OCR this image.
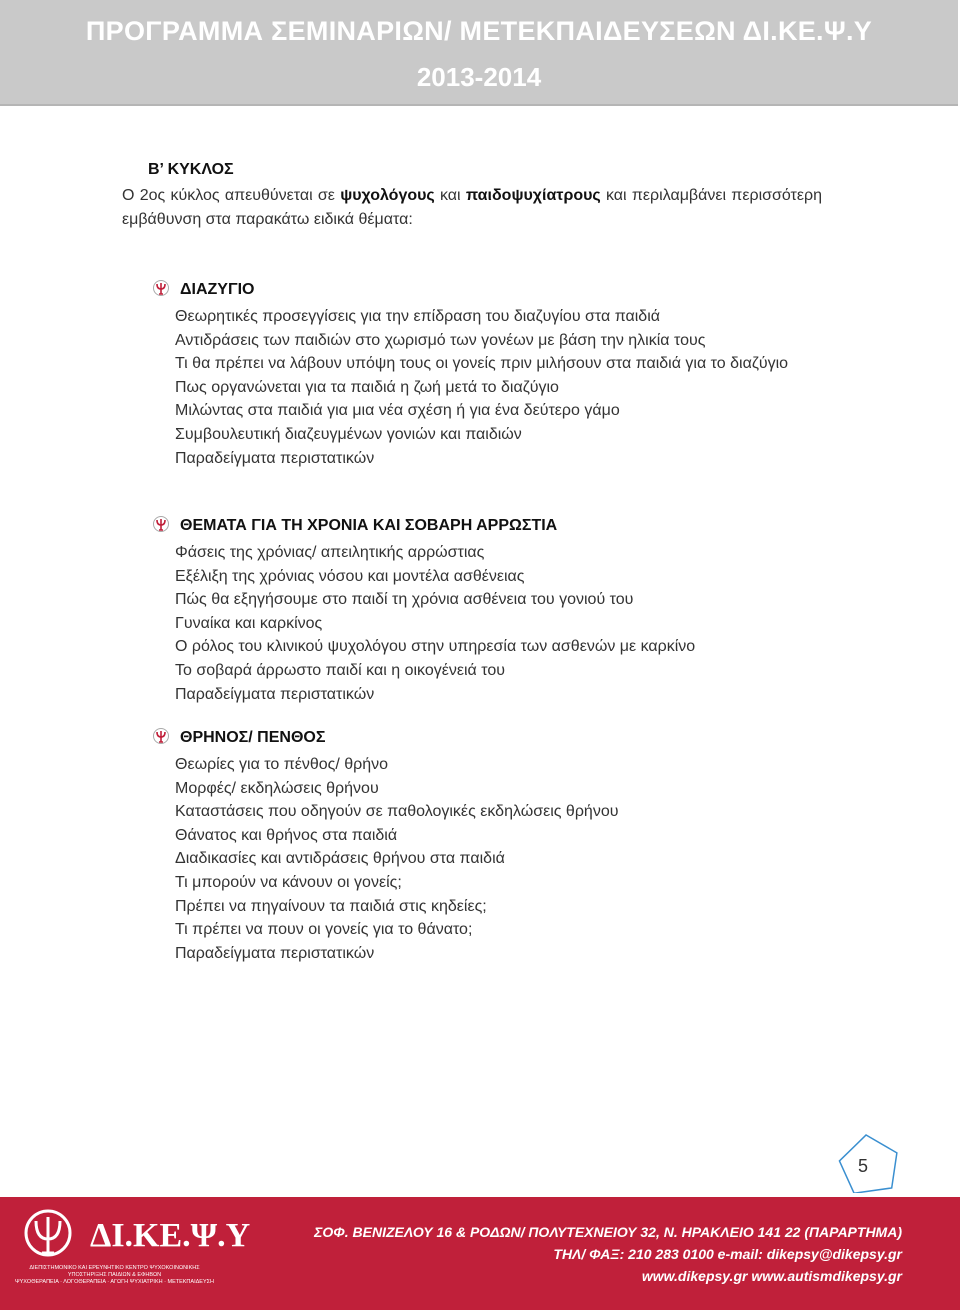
ΠΡΟΓΡΑΜΜΑ ΣΕΜΙΝΑΡΙΩΝ/ ΜΕΤΕΚΠΑΙΔΕΥΣΕΩΝ ΔΙ.ΚΕ.Ψ.Υ
2013-2014
Β’ ΚΥΚΛΟΣ
Ο 2ος κύκλος απευθύνεται σε ψυχολόγους και παιδοψυχίατρους και περιλαμβάνει περισσότερη εμβάθυνση στα παρακάτω ειδικά θέματα:
ΔΙΑΖΥΓΙΟ
Θεωρητικές προσεγγίσεις για την επίδραση του διαζυγίου στα παιδιά
Αντιδράσεις των παιδιών στο χωρισμό των γονέων με βάση την ηλικία τους
Τι θα πρέπει να λάβουν υπόψη τους οι γονείς πριν μιλήσουν στα παιδιά για το διαζύγιο
Πως οργανώνεται για τα παιδιά η ζωή μετά το διαζύγιο
Μιλώντας στα παιδιά για μια νέα σχέση ή για ένα δεύτερο γάμο
Συμβουλευτική διαζευγμένων γονιών και παιδιών
Παραδείγματα περιστατικών
ΘΕΜΑΤΑ ΓΙΑ ΤΗ ΧΡΟΝΙΑ ΚΑΙ ΣΟΒΑΡΗ ΑΡΡΩΣΤΙΑ
Φάσεις της χρόνιας/ απειλητικής αρρώστιας
Εξέλιξη της χρόνιας νόσου και μοντέλα ασθένειας
Πώς θα εξηγήσουμε στο παιδί τη χρόνια ασθένεια του γονιού του
Γυναίκα και καρκίνος
Ο ρόλος του κλινικού ψυχολόγου στην υπηρεσία των ασθενών με καρκίνο
Το σοβαρά άρρωστο παιδί και η οικογένειά του
Παραδείγματα περιστατικών
ΘΡΗΝΟΣ/ ΠΕΝΘΟΣ
Θεωρίες για το πένθος/ θρήνο
Μορφές/ εκδηλώσεις θρήνου
Καταστάσεις που οδηγούν σε παθολογικές εκδηλώσεις θρήνου
Θάνατος και θρήνος στα παιδιά
Διαδικασίες και αντιδράσεις θρήνου στα παιδιά
Τι μπορούν να κάνουν οι γονείς;
Πρέπει να πηγαίνουν τα παιδιά στις κηδείες;
Τι πρέπει να πουν οι γονείς για το θάνατο;
Παραδείγματα περιστατικών
5
ΔΙ.ΚΕ.Ψ.Υ
ΔΙΕΠΙΣΤΗΜΟΝΙΚΟ ΚΑΙ ΕΡΕΥΝΗΤΙΚΟ ΚΕΝΤΡΟ ΨΥΧΟΚΟΙΝΩΝΙΚΗΣ ΥΠΟΣΤΗΡΙΞΗΣ ΠΑΙΔΙΩΝ & ΕΦΗΒΩΝ
ΨΥΧΟΘΕΡΑΠΕΙΑ · ΛΟΓΟΘΕΡΑΠΕΙΑ · ΑΓΩΓΗ ΨΥΧΙΑΤΡΙΚΗ · ΜΕΤΕΚΠΑΙΔΕΥΣΗ
ΣΟΦ. ΒΕΝΙΖΕΛΟΥ 16 & ΡΟΔΩΝ/ ΠΟΛΥΤΕΧΝΕΙΟΥ 32, Ν. ΗΡΑΚΛΕΙΟ 141 22 (ΠΑΡΑΡΤΗΜΑ)
ΤΗΛ/ ΦΑΞ: 210 283 0100 e-mail: dikepsy@dikepsy.gr
www.dikepsy.gr www.autismdikepsy.gr
